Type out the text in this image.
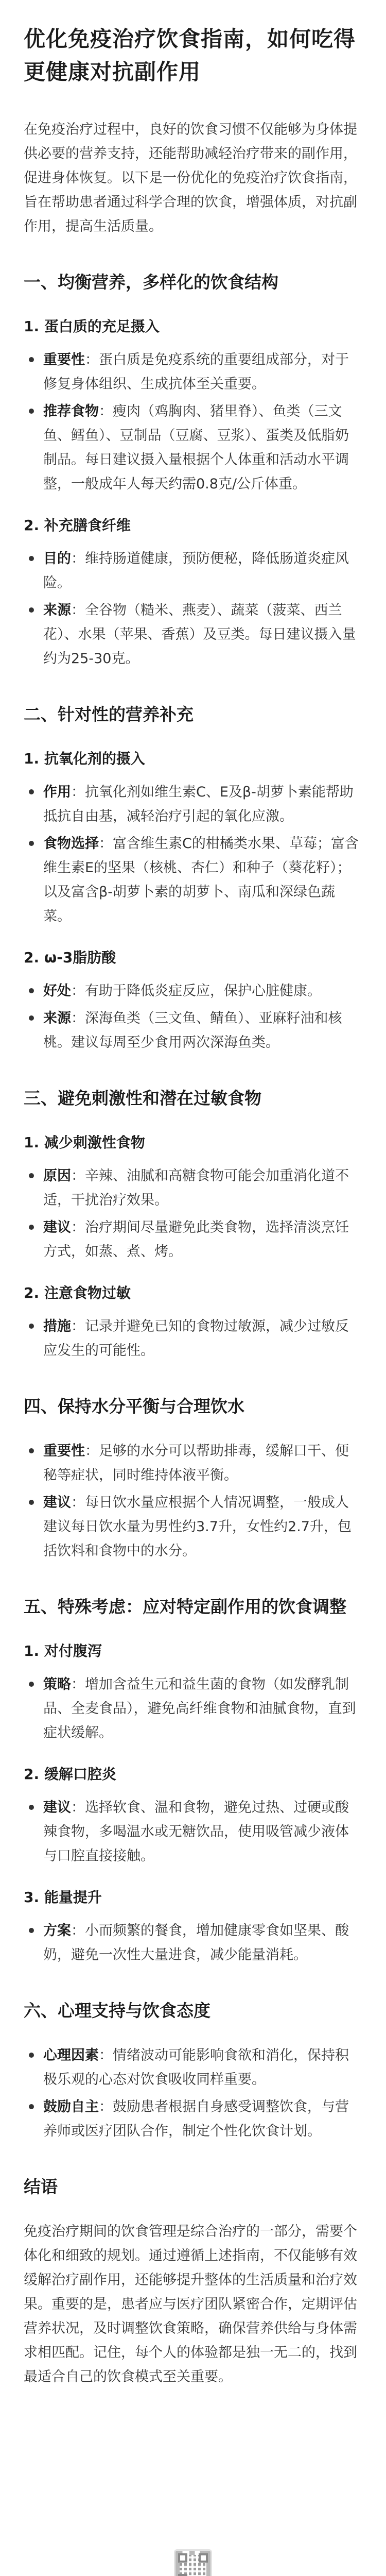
优化免疫治疗饮食指南，如何吃得更健康对抗副作用

在免疫治疗过程中，良好的饮食习惯不仅能够为身体提供必要的营养支持，还能帮助减轻治疗带来的副作用，促进身体恢复。以下是一份优化的免疫治疗饮食指南，旨在帮助患者通过科学合理的饮食，增强体质，对抗副作用，提高生活质量。

一、均衡营养，多样化的饮食结构
1. 蛋白质的充足摄入
重要性：蛋白质是免疫系统的重要组成部分，对于修复身体组织、生成抗体至关重要。
推荐食物：瘦肉（鸡胸肉、猪里脊）、鱼类（三文鱼、鳕鱼）、豆制品（豆腐、豆浆）、蛋类及低脂奶制品。每日建议摄入量根据个人体重和活动水平调整，一般成年人每天约需0.8克/公斤体重。
2. 补充膳食纤维
目的：维持肠道健康，预防便秘，降低肠道炎症风险。
来源：全谷物（糙米、燕麦）、蔬菜（菠菜、西兰花）、水果（苹果、香蕉）及豆类。每日建议摄入量约为25-30克。
二、针对性的营养补充
1. 抗氧化剂的摄入
作用：抗氧化剂如维生素C、E及β-胡萝卜素能帮助抵抗自由基，减轻治疗引起的氧化应激。
食物选择：富含维生素C的柑橘类水果、草莓；富含维生素E的坚果（核桃、杏仁）和种子（葵花籽）；以及富含β-胡萝卜素的胡萝卜、南瓜和深绿色蔬菜。
2. ω-3脂肪酸
好处：有助于降低炎症反应，保护心脏健康。
来源：深海鱼类（三文鱼、鲭鱼）、亚麻籽油和核桃。建议每周至少食用两次深海鱼类。
三、避免刺激性和潜在过敏食物
1. 减少刺激性食物
原因：辛辣、油腻和高糖食物可能会加重消化道不适，干扰治疗效果。
建议：治疗期间尽量避免此类食物，选择清淡烹饪方式，如蒸、煮、烤。
2. 注意食物过敏
措施：记录并避免已知的食物过敏源，减少过敏反应发生的可能性。
四、保持水分平衡与合理饮水
重要性：足够的水分可以帮助排毒，缓解口干、便秘等症状，同时维持体液平衡。
建议：每日饮水量应根据个人情况调整，一般成人建议每日饮水量为男性约3.7升，女性约2.7升，包括饮料和食物中的水分。
五、特殊考虑：应对特定副作用的饮食调整
1. 对付腹泻
策略：增加含益生元和益生菌的食物（如发酵乳制品、全麦食品），避免高纤维食物和油腻食物，直到症状缓解。
2. 缓解口腔炎
建议：选择软食、温和食物，避免过热、过硬或酸辣食物，多喝温水或无糖饮品，使用吸管减少液体与口腔直接接触。
3. 能量提升
方案：小而频繁的餐食，增加健康零食如坚果、酸奶，避免一次性大量进食，减少能量消耗。
六、心理支持与饮食态度
心理因素：情绪波动可能影响食欲和消化，保持积极乐观的心态对饮食吸收同样重要。
鼓励自主：鼓励患者根据自身感受调整饮食，与营养师或医疗团队合作，制定个性化饮食计划。
结语

免疫治疗期间的饮食管理是综合治疗的一部分，需要个体化和细致的规划。通过遵循上述指南，不仅能够有效缓解治疗副作用，还能够提升整体的生活质量和治疗效果。重要的是，患者应与医疗团队紧密合作，定期评估营养状况，及时调整饮食策略，确保营养供给与身体需求相匹配。记住，每个人的体验都是独一无二的，找到最适合自己的饮食模式至关重要。
